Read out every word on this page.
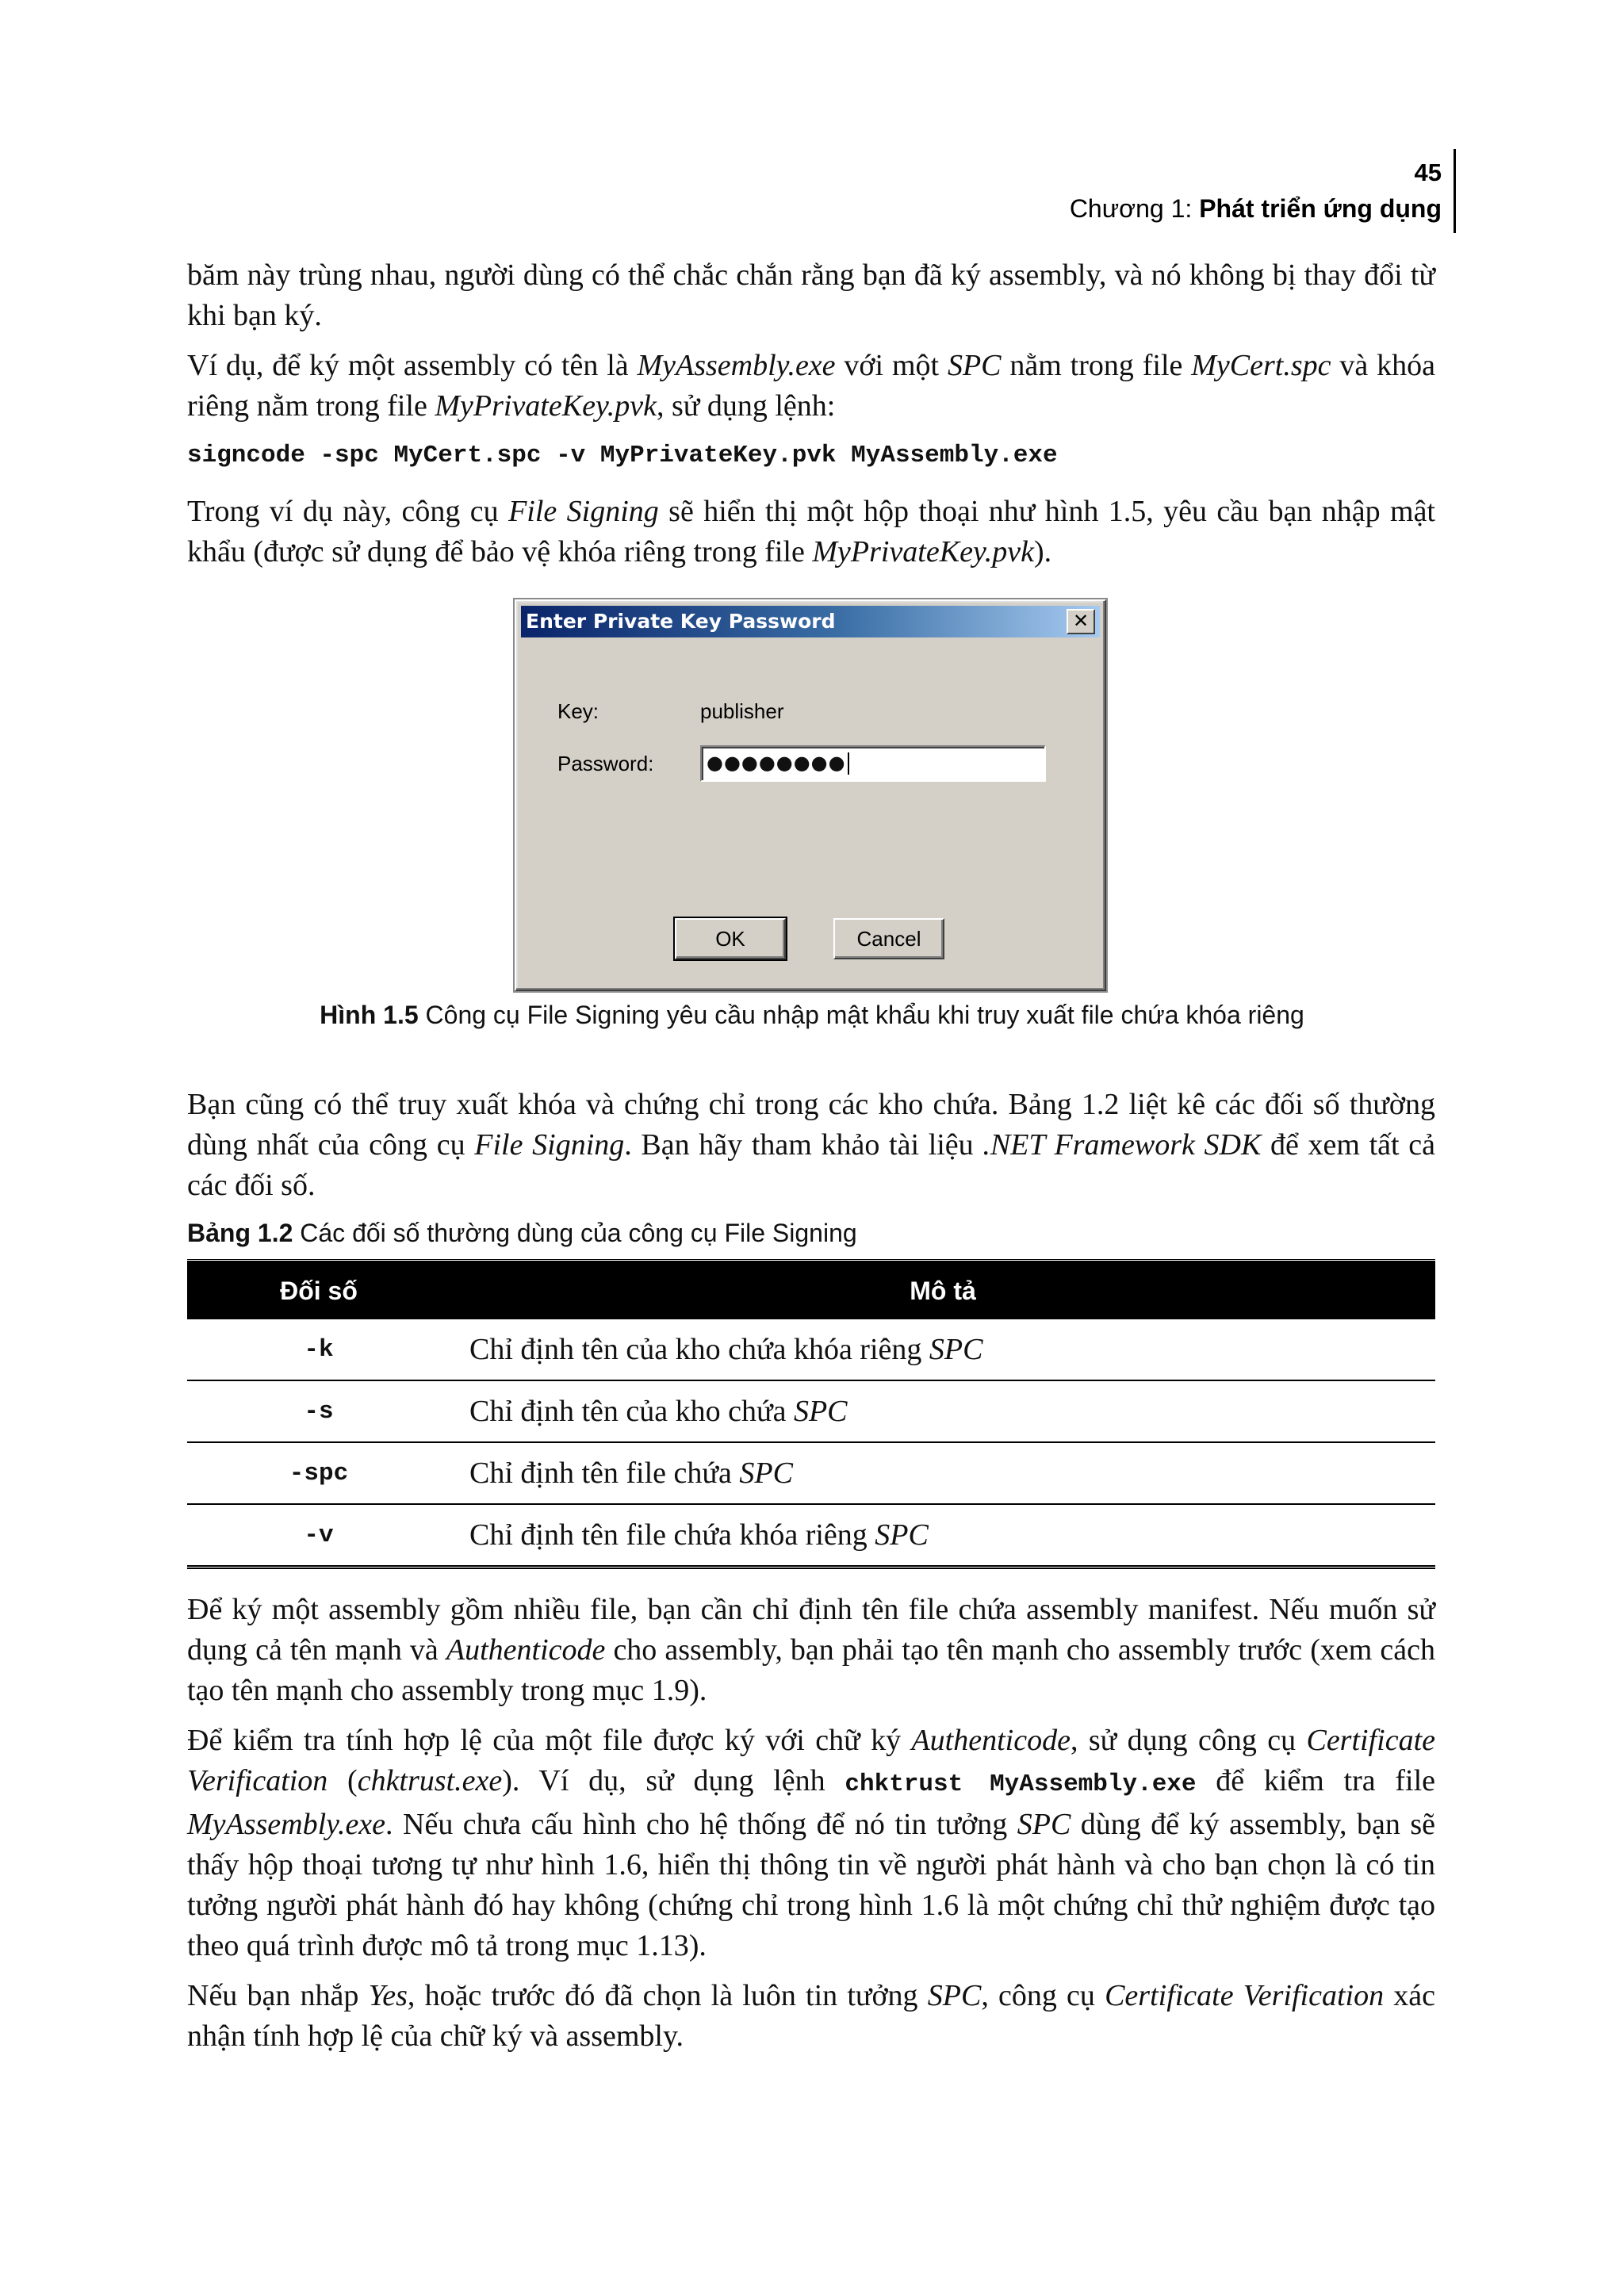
45
Chương 1: Phát triển ứng dụng

băm này trùng nhau, người dùng có thể chắc chắn rằng bạn đã ký assembly, và nó không bị thay đổi từ khi bạn ký.

Ví dụ, để ký một assembly có tên là MyAssembly.exe với một SPC nằm trong file MyCert.spc và khóa riêng nằm trong file MyPrivateKey.pvk, sử dụng lệnh:

signcode -spc MyCert.spc -v MyPrivateKey.pvk MyAssembly.exe

Trong ví dụ này, công cụ File Signing sẽ hiển thị một hộp thoại như hình 1.5, yêu cầu bạn nhập mật khẩu (được sử dụng để bảo vệ khóa riêng trong file MyPrivateKey.pvk).

Bạn cũng có thể truy xuất khóa và chứng chỉ trong các kho chứa. Bảng 1.2 liệt kê các đối số thường dùng nhất của công cụ File Signing. Bạn hãy tham khảo tài liệu .NET Framework SDK để xem tất cả các đối số.

Bảng 1.2 Các đối số thường dùng của công cụ File Signing
Đối số	Mô tả
-k	Chỉ định tên của kho chứa khóa riêng SPC
-s	Chỉ định tên của kho chứa SPC
-spc	Chỉ định tên file chứa SPC
-v	Chỉ định tên file chứa khóa riêng SPC

Để ký một assembly gồm nhiều file, bạn cần chỉ định tên file chứa assembly manifest. Nếu muốn sử dụng cả tên mạnh và Authenticode cho assembly, bạn phải tạo tên mạnh cho assembly trước (xem cách tạo tên mạnh cho assembly trong mục 1.9).

Để kiểm tra tính hợp lệ của một file được ký với chữ ký Authenticode, sử dụng công cụ Certificate Verification (chktrust.exe). Ví dụ, sử dụng lệnh chktrust MyAssembly.exe để kiểm tra file MyAssembly.exe. Nếu chưa cấu hình cho hệ thống để nó tin tưởng SPC dùng để ký assembly, bạn sẽ thấy hộp thoại tương tự như hình 1.6, hiển thị thông tin về người phát hành và cho bạn chọn là có tin tưởng người phát hành đó hay không (chứng chỉ trong hình 1.6 là một chứng chỉ thử nghiệm được tạo theo quá trình được mô tả trong mục 1.13).

Nếu bạn nhắp Yes, hoặc trước đó đã chọn là luôn tin tưởng SPC, công cụ Certificate Verification xác nhận tính hợp lệ của chữ ký và assembly.

Enter Private Key Password	✕
Key:	publisher
Password:	●●●●●●●●
OK	Cancel
Hình 1.5 Công cụ File Signing yêu cầu nhập mật khẩu khi truy xuất file chứa khóa riêng
